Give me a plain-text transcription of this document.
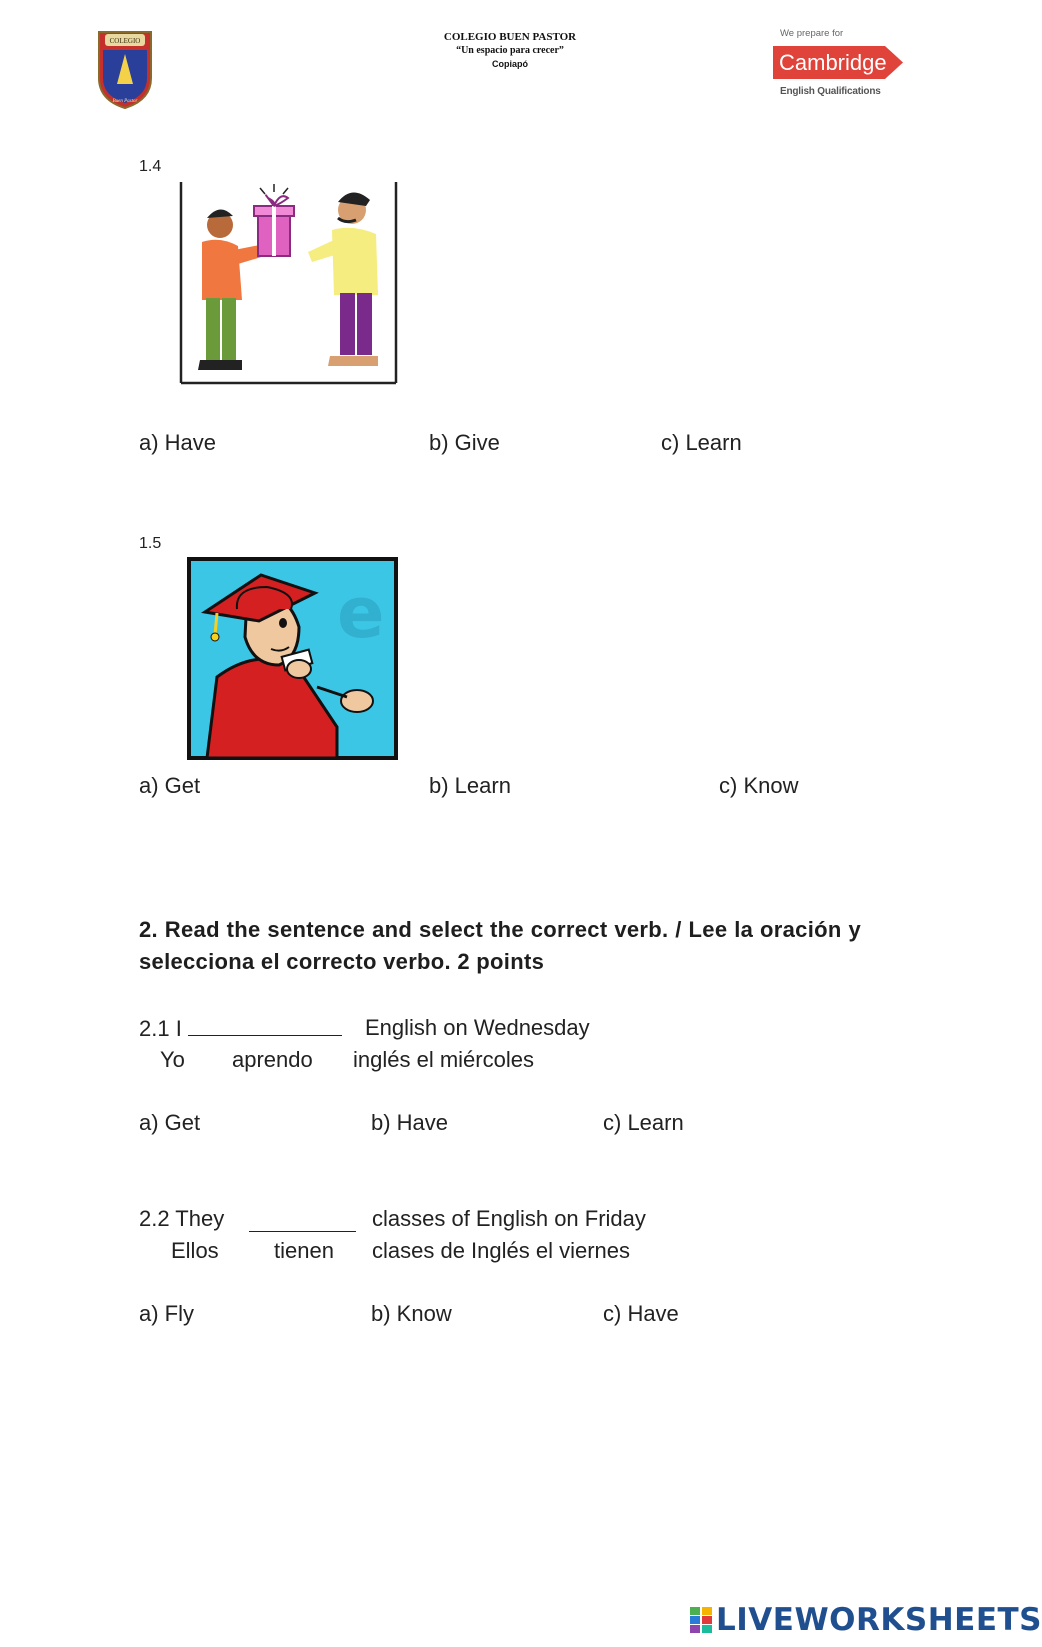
COLEGIO
Buen Pastor
COLEGIO BUEN PASTOR
“Un espacio para crecer”
Copiapó
We prepare for
Cambridge
English Qualifications
1.4
a) Have	b) Give	c) Learn
1.5
e
a) Get	b) Learn	c) Know
2. Read the sentence and select the correct verb. / Lee la oración y selecciona el correcto verbo. 2 points
2.1 I	English on Wednesday
Yo aprendo inglés el miércoles
a) Get	b) Have	c) Learn
2.2 They	classes of English on Friday
Ellos	tienen clases de Inglés el viernes
a) Fly	b) Know	c) Have
LIVEWORKSHEETS
